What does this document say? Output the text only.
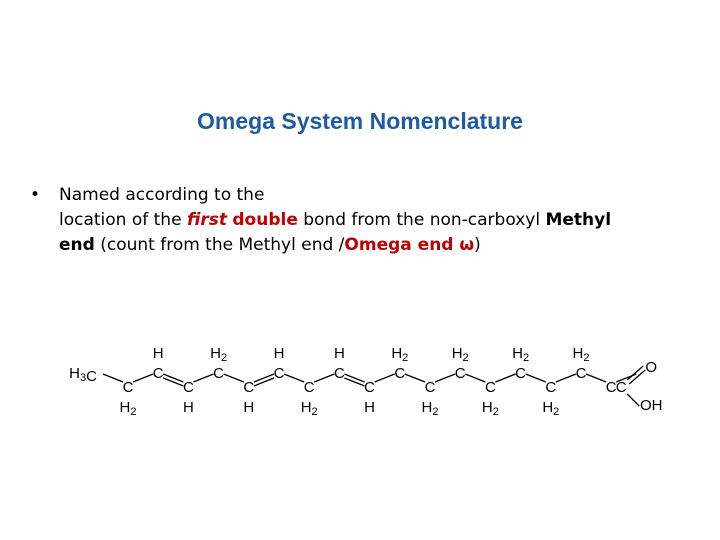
Omega System Nomenclature
• Named according to the
location of the first double bond from the non-carboxyl Methyl
end (count from the Methyl end /Omega end ω)
$H_3C$
C
C
C
C
C
C
C
C
C
C
C
C
C
C
C
C
C
$H_2$
H
H
$H_2$
H
H
$H_2$
H
H
$H_2$
$H_2$
$H_2$
$H_2$
$H_2$
$H_2$
$H_2$
C
O
OH
